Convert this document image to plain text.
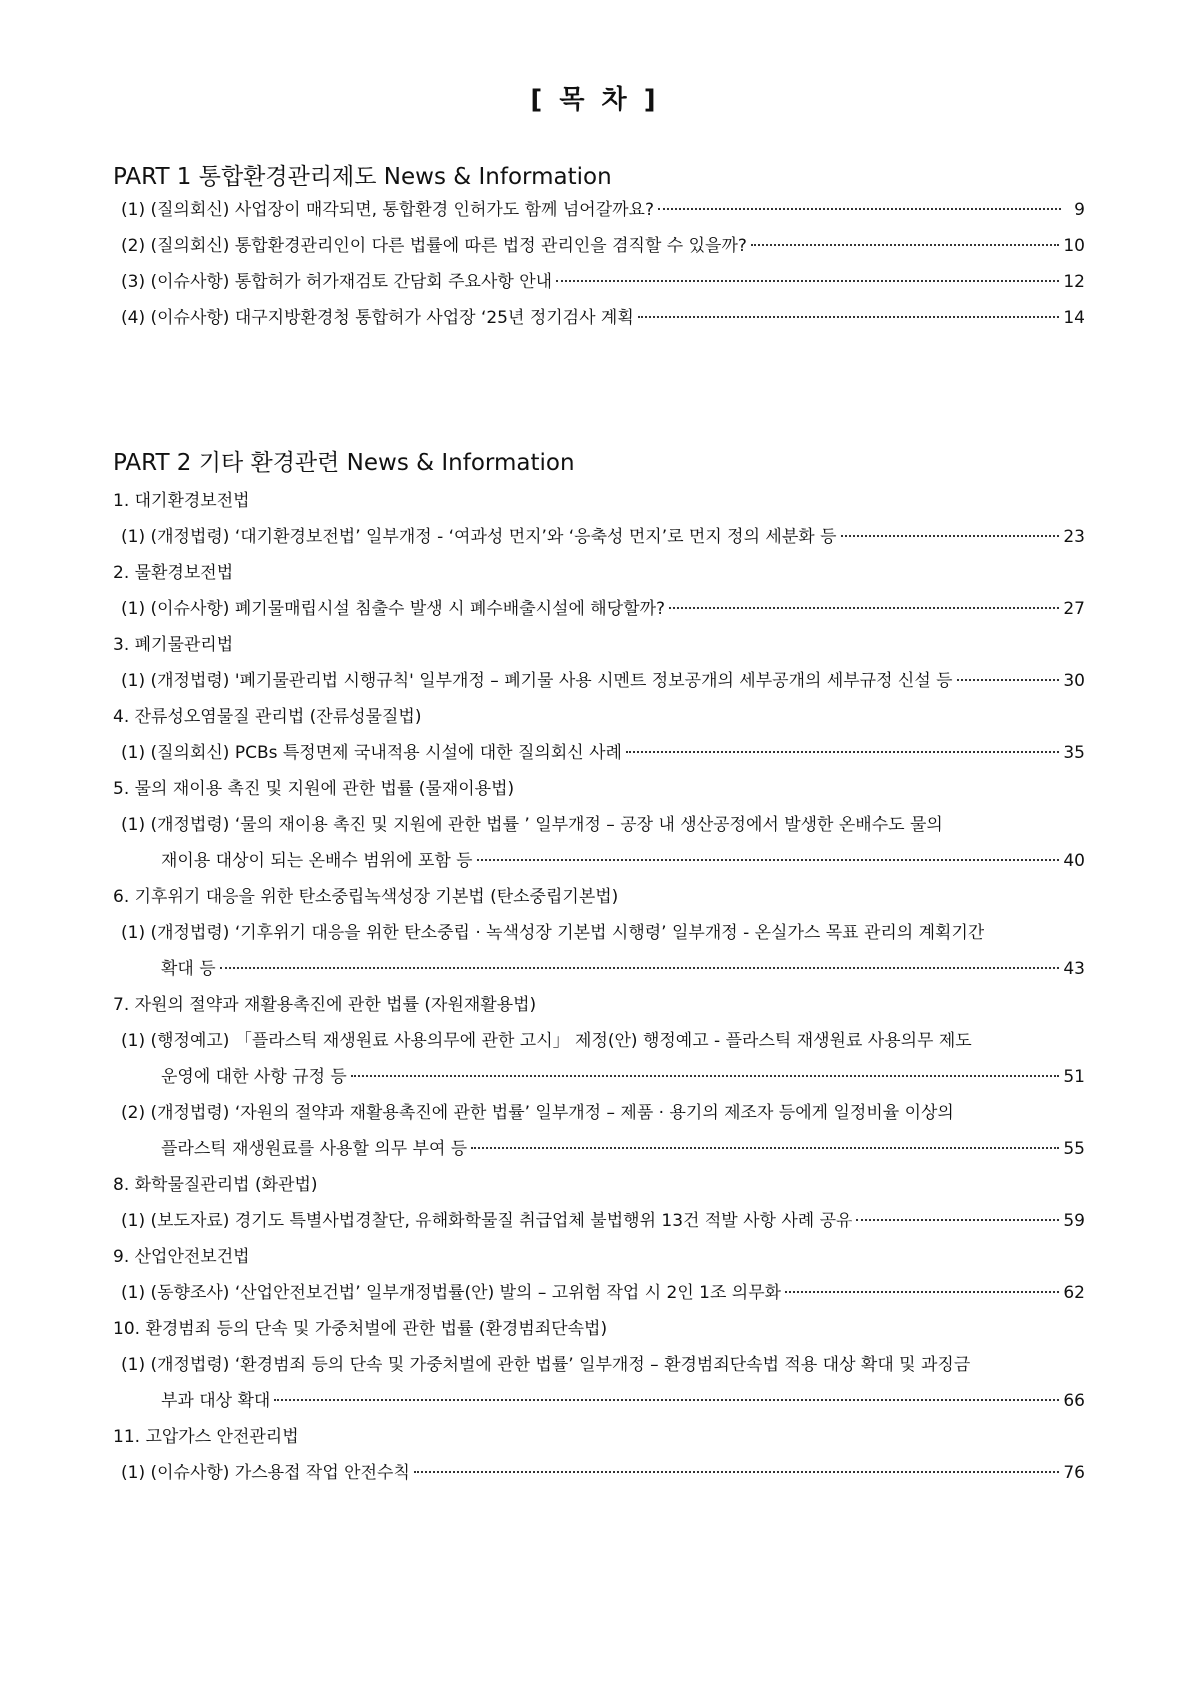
[ 목 차 ]
PART 1 통합환경관리제도 News & Information
(1) (질의회신) 사업장이 매각되면, 통합환경 인허가도 함께 넘어갈까요?	9
(2) (질의회신) 통합환경관리인이 다른 법률에 따른 법정 관리인을 겸직할 수 있을까?	10
(3) (이슈사항) 통합허가 허가재검토 간담회 주요사항 안내	12
(4) (이슈사항) 대구지방환경청 통합허가 사업장 ‘25년 정기검사 계획	14
PART 2 기타 환경관련 News & Information
1. 대기환경보전법
(1) (개정법령) ‘대기환경보전법’ 일부개정 - ‘여과성 먼지’와 ‘응축성 먼지’로 먼지 정의 세분화 등	23
2. 물환경보전법
(1) (이슈사항) 폐기물매립시설 침출수 발생 시 폐수배출시설에 해당할까?	27
3. 폐기물관리법
(1) (개정법령) '폐기물관리법 시행규칙' 일부개정 – 폐기물 사용 시멘트 정보공개의 세부공개의 세부규정 신설 등	30
4. 잔류성오염물질 관리법 (잔류성물질법)
(1) (질의회신) PCBs 특정면제 국내적용 시설에 대한 질의회신 사례	35
5. 물의 재이용 촉진 및 지원에 관한 법률 (물재이용법)
(1) (개정법령) ‘물의 재이용 촉진 및 지원에 관한 법률 ’ 일부개정 – 공장 내 생산공정에서 발생한 온배수도 물의
재이용 대상이 되는 온배수 범위에 포함 등	40
6. 기후위기 대응을 위한 탄소중립녹색성장 기본법 (탄소중립기본법)
(1) (개정법령) ‘기후위기 대응을 위한 탄소중립 · 녹색성장 기본법 시행령’ 일부개정 - 온실가스 목표 관리의 계획기간
확대 등	43
7. 자원의 절약과 재활용촉진에 관한 법률 (자원재활용법)
(1) (행정예고) 「플라스틱 재생원료 사용의무에 관한 고시」 제정(안) 행정예고 - 플라스틱 재생원료 사용의무 제도
운영에 대한 사항 규정 등	51
(2) (개정법령) ‘자원의 절약과 재활용촉진에 관한 법률’ 일부개정 – 제품 · 용기의 제조자 등에게 일정비율 이상의
플라스틱 재생원료를 사용할 의무 부여 등	55
8. 화학물질관리법 (화관법)
(1) (보도자료) 경기도 특별사법경찰단, 유해화학물질 취급업체 불법행위 13건 적발 사항 사례 공유	59
9. 산업안전보건법
(1) (동향조사) ‘산업안전보건법’ 일부개정법률(안) 발의 – 고위험 작업 시 2인 1조 의무화	62
10. 환경범죄 등의 단속 및 가중처벌에 관한 법률 (환경범죄단속법)
(1) (개정법령) ‘환경범죄 등의 단속 및 가중처벌에 관한 법률’ 일부개정 – 환경범죄단속법 적용 대상 확대 및 과징금
부과 대상 확대	66
11. 고압가스 안전관리법
(1) (이슈사항) 가스용접 작업 안전수칙	76
